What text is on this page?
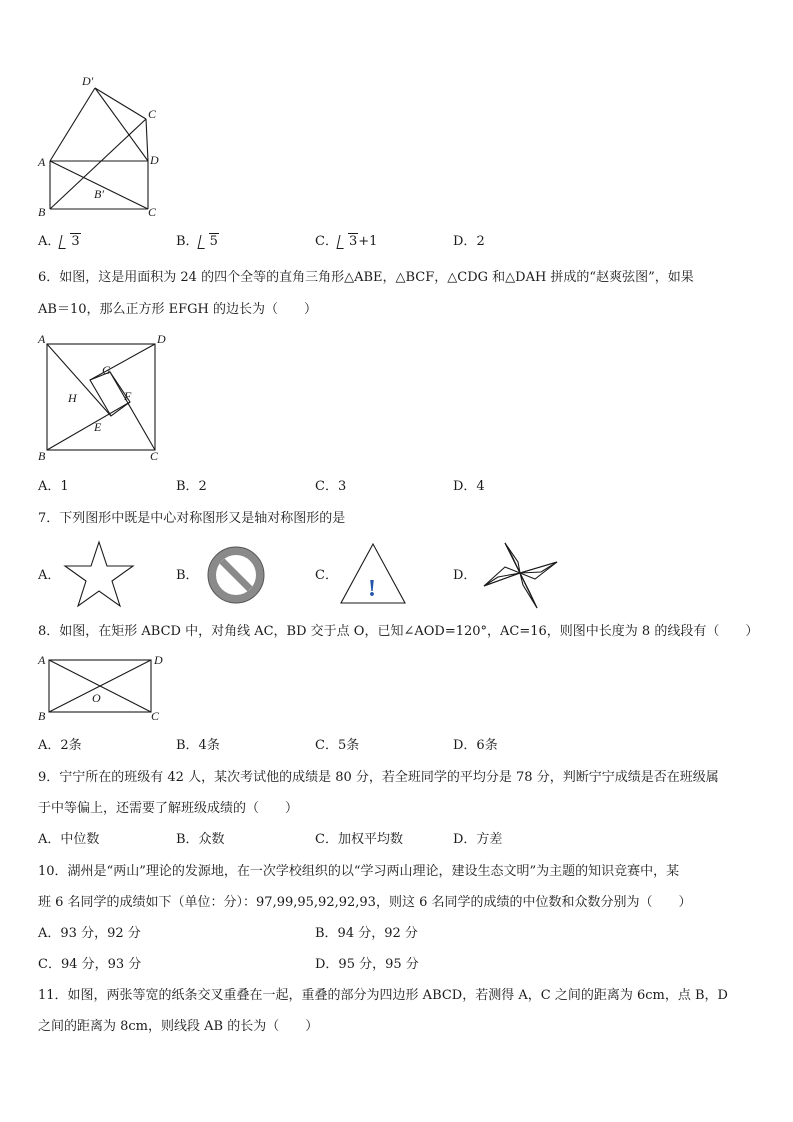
D′
C
A	D
B′
B	C
A． 3	B． 5	C． 3+1	D．2
6．如图，这是用面积为 24 的四个全等的直角三角形△ABE，△BCF，△CDG 和△DAH 拼成的“赵爽弦图”，如果
AB＝10，那么正方形 EFGH 的边长为（　　）
A	D
G
H	F
E
B	C
A．1	B．2	C．3	D．4
7．下列图形中既是中心对称图形又是轴对称图形的是
A．	B．	C．	D．
!
8．如图，在矩形 ABCD 中，对角线 AC，BD 交于点 O，已知∠AOD=120°，AC=16，则图中长度为 8 的线段有（　　）
A	D
O
B	C
A．2条	B．4条	C．5条	D．6条
9．宁宁所在的班级有 42 人，某次考试他的成绩是 80 分，若全班同学的平均分是 78 分，判断宁宁成绩是否在班级属
于中等偏上，还需要了解班级成绩的（　　）
A．中位数	B．众数	C．加权平均数	D．方差
10．湖州是“两山”理论的发源地，在一次学校组织的以“学习两山理论，建设生态文明”为主题的知识竞赛中，某
班 6 名同学的成绩如下（单位：分）：97,99,95,92,92,93，则这 6 名同学的成绩的中位数和众数分别为（　　）
A．93 分，92 分	B．94 分，92 分
C．94 分，93 分	D．95 分，95 分
11．如图，两张等宽的纸条交叉重叠在一起，重叠的部分为四边形 ABCD，若测得 A，C 之间的距离为 6cm，点 B，D
之间的距离为 8cm，则线段 AB 的长为（　　）
